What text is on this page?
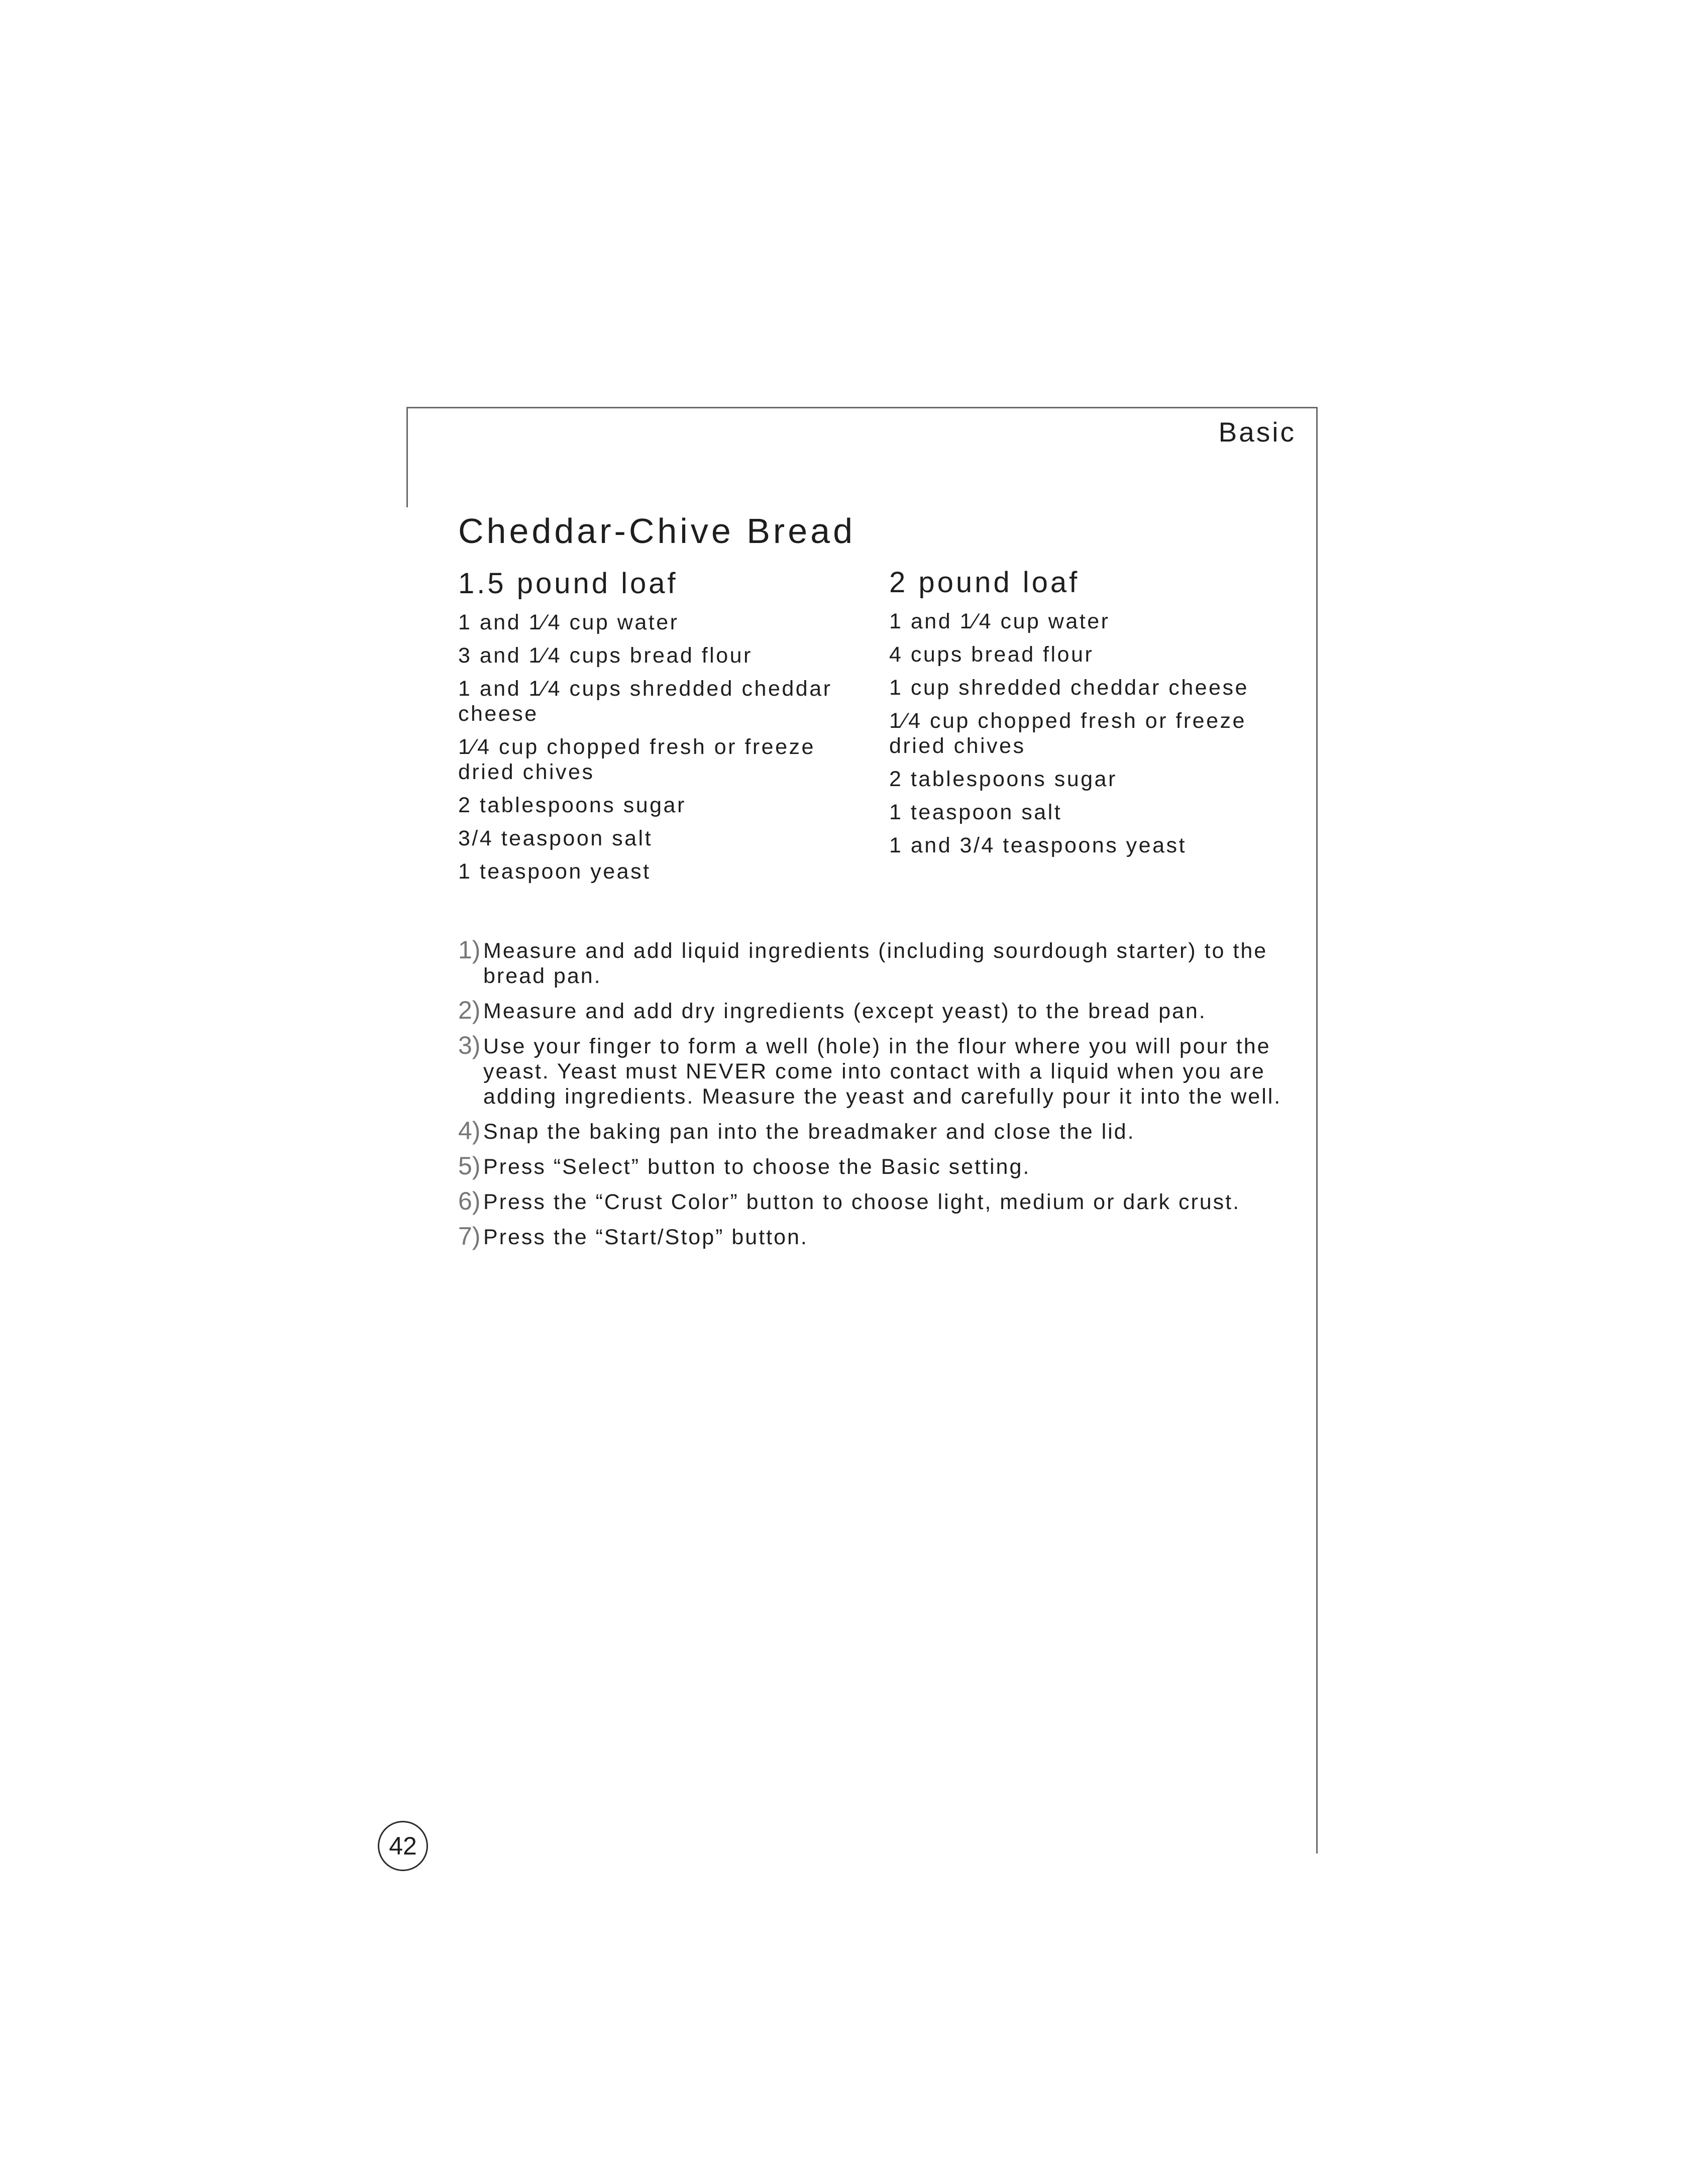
Basic
Cheddar-Chive Bread
1.5 pound loaf
1 and 1⁄4 cup water
3 and 1⁄4 cups bread flour
1 and 1⁄4 cups shredded cheddar cheese
1⁄4 cup chopped fresh or freeze dried chives
2 tablespoons sugar
3/4 teaspoon salt
1 teaspoon yeast
2 pound loaf
1 and 1⁄4 cup water
4 cups bread flour
1 cup shredded cheddar cheese
1⁄4 cup chopped fresh or freeze dried chives
2 tablespoons sugar
1 teaspoon salt
1 and 3/4 teaspoons yeast
1) Measure and add liquid ingredients (including sourdough starter) to the bread pan.
2) Measure and add dry ingredients (except yeast) to the bread pan.
3) Use your finger to form a well (hole) in the flour where you will pour the yeast. Yeast must NEVER come into contact with a liquid when you are adding ingredients. Measure the yeast and carefully pour it into the well.
4) Snap the baking pan into the breadmaker and close the lid.
5) Press “Select” button to choose the Basic setting.
6) Press the “Crust Color” button to choose light, medium or dark crust.
7) Press the “Start/Stop” button.
42
